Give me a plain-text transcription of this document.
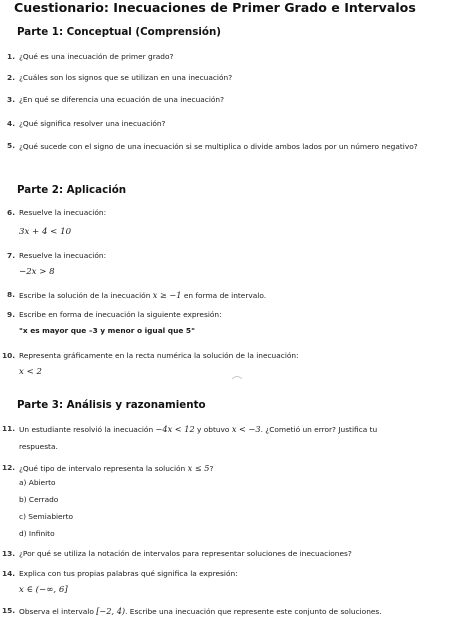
Cuestionario: Inecuaciones de Primer Grado e Intervalos
Parte 1: Conceptual (Comprensión)
1. ¿Qué es una inecuación de primer grado?
2. ¿Cuáles son los signos que se utilizan en una inecuación?
3. ¿En qué se diferencia una ecuación de una inecuación?
4. ¿Qué significa resolver una inecuación?
5. ¿Qué sucede con el signo de una inecuación si se multiplica o divide ambos lados por un número negativo?
Parte 2: Aplicación
6. Resuelve la inecuación:
3x + 4 < 10
7. Resuelve la inecuación:
−2x > 8
8. Escribe la solución de la inecuación x ≥ −1 en forma de intervalo.
9. Escribe en forma de inecuación la siguiente expresión:
"x es mayor que –3 y menor o igual que 5"
10. Representa gráficamente en la recta numérica la solución de la inecuación:
x < 2
Parte 3: Análisis y razonamiento
11. Un estudiante resolvió la inecuación −4x < 12 y obtuvo x < −3. ¿Cometió un error? Justifica tu
respuesta.
12. ¿Qué tipo de intervalo representa la solución x ≤ 5?
a) Abierto
b) Cerrado
c) Semiabierto
d) Infinito
13. ¿Por qué se utiliza la notación de intervalos para representar soluciones de inecuaciones?
14. Explica con tus propias palabras qué significa la expresión:
x ∈ (−∞, 6]
15. Observa el intervalo [−2, 4). Escribe una inecuación que represente este conjunto de soluciones.
